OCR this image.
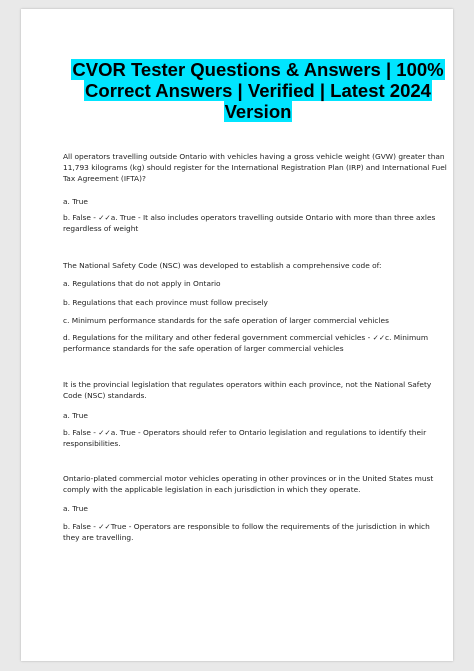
CVOR Tester Questions & Answers | 100% Correct Answers | Verified | Latest 2024 Version

All operators travelling outside Ontario with vehicles having a gross vehicle weight (GVW) greater than 11,793 kilograms (kg) should register for the International Registration Plan (IRP) and International Fuel Tax Agreement (IFTA)?

a. True

b. False - ✓✓a. True - It also includes operators travelling outside Ontario with more than three axles regardless of weight

The National Safety Code (NSC) was developed to establish a comprehensive code of:

a. Regulations that do not apply in Ontario

b. Regulations that each province must follow precisely

c. Minimum performance standards for the safe operation of larger commercial vehicles

d. Regulations for the military and other federal government commercial vehicles - ✓✓c. Minimum performance standards for the safe operation of larger commercial vehicles

It is the provincial legislation that regulates operators within each province, not the National Safety Code (NSC) standards.

a. True

b. False - ✓✓a. True - Operators should refer to Ontario legislation and regulations to identify their responsibilities.

Ontario-plated commercial motor vehicles operating in other provinces or in the United States must comply with the applicable legislation in each jurisdiction in which they operate.

a. True

b. False - ✓✓True - Operators are responsible to follow the requirements of the jurisdiction in which they are travelling.
